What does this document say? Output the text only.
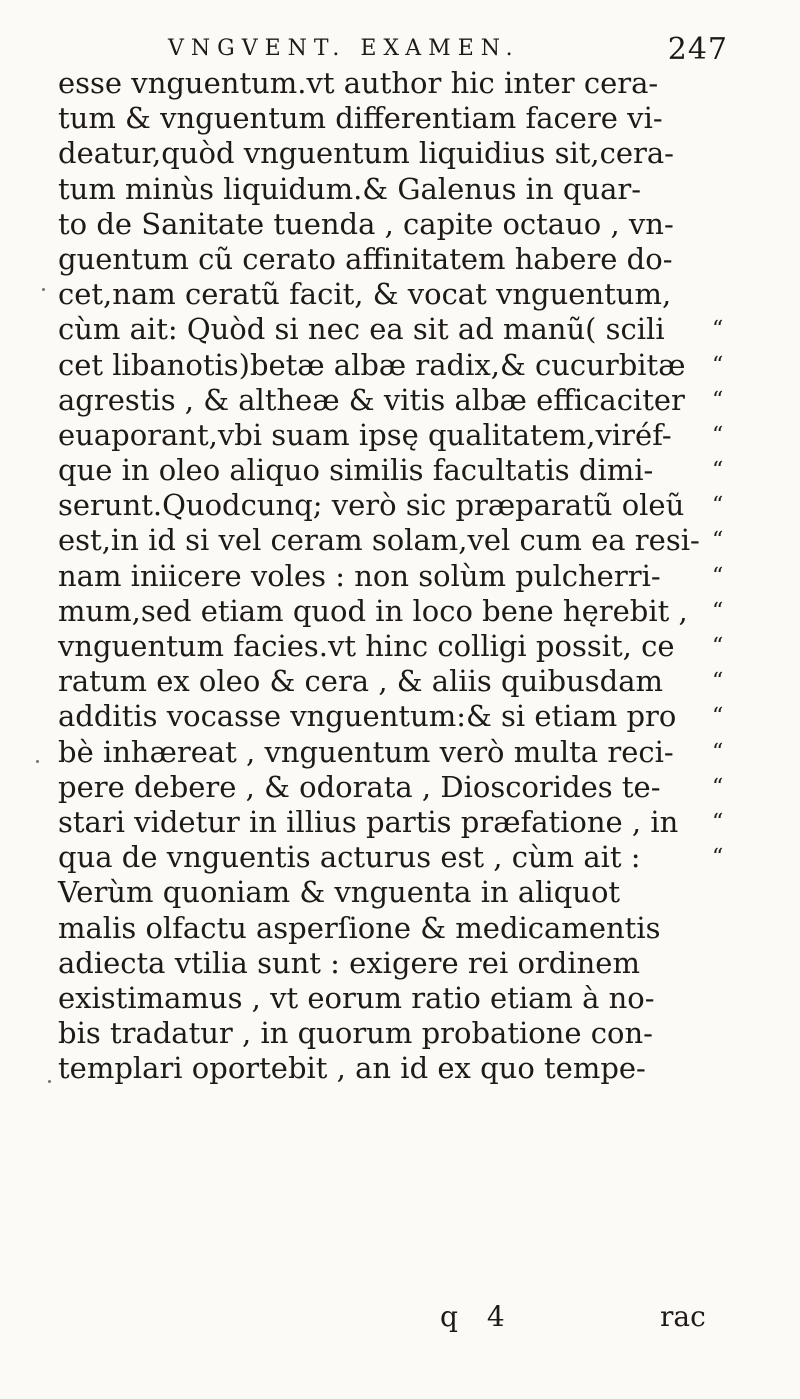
VNGVENT. EXAMEN.	247
esse vnguentum.vt author hic inter cera-
tum & vnguentum differentiam facere vi-
deatur,quòd vnguentum liquidius sit,cera-
tum minùs liquidum.& Galenus in quar-
to de Sanitate tuenda , capite octauo , vn-
guentum cũ cerato affinitatem habere do-
cet,nam ceratũ facit, & vocat vnguentum,
cùm ait: Quòd si nec ea sit ad manũ( scili “
cet libanotis)betæ albæ radix,& cucurbitæ “
agrestis , & altheæ & vitis albæ efficaciter “
euaporant,vbi suam ipsę qualitatem,viréf- “
que in oleo aliquo similis facultatis dimi-	“
serunt.Quodcunq; verò sic præparatũ oleũ “
est,in id si vel ceram solam,vel cum ea resi- “
nam iniicere voles : non solùm pulcherri- “
mum,sed etiam quod in loco bene hęrebit , “
vnguentum facies.vt hinc colligi possit, ce “
ratum ex oleo & cera , & aliis quibusdam “
additis vocasse vnguentum:& si etiam pro “
bè inhæreat , vnguentum verò multa reci- “
pere debere , & odorata , Dioscorides te- “
stari videtur in illius partis præfatione , in “
qua de vnguentis acturus est , cùm ait :	“
Verùm quoniam & vnguenta in aliquot
malis olfactu asperſione & medicamentis
adiecta vtilia sunt : exigere rei ordinem
existimamus , vt eorum ratio etiam à no-
bis tradatur , in quorum probatione con-
templari oportebit , an id ex quo tempe-
q 4	rac
